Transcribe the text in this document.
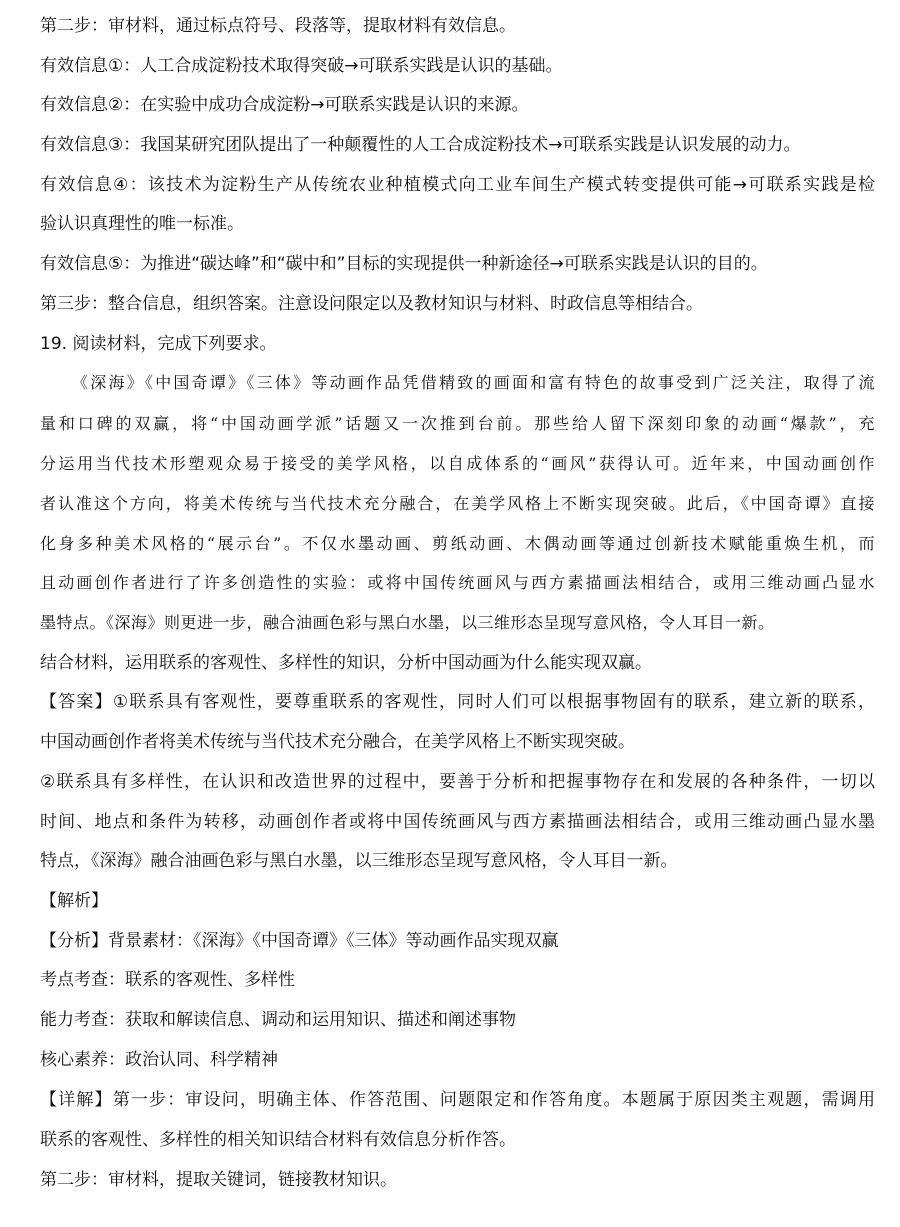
第二步：审材料，通过标点符号、段落等，提取材料有效信息。
有效信息①：人工合成淀粉技术取得突破→可联系实践是认识的基础。
有效信息②：在实验中成功合成淀粉→可联系实践是认识的来源。
有效信息③：我国某研究团队提出了一种颠覆性的人工合成淀粉技术→可联系实践是认识发展的动力。
有效信息④：该技术为淀粉生产从传统农业种植模式向工业车间生产模式转变提供可能→可联系实践是检
验认识真理性的唯一标准。
有效信息⑤：为推进“碳达峰”和“碳中和”目标的实现提供一种新途径→可联系实践是认识的目的。
第三步：整合信息，组织答案。注意设问限定以及教材知识与材料、时政信息等相结合。
19. 阅读材料，完成下列要求。
《深海》《中国奇谭》《三体》等动画作品凭借精致的画面和富有特色的故事受到广泛关注，取得了流
量和口碑的双赢，将“中国动画学派”话题又一次推到台前。那些给人留下深刻印象的动画“爆款”，充
分运用当代技术形塑观众易于接受的美学风格，以自成体系的“画风”获得认可。近年来，中国动画创作
者认准这个方向，将美术传统与当代技术充分融合，在美学风格上不断实现突破。此后，《中国奇谭》直接
化身多种美术风格的“展示台”。不仅水墨动画、剪纸动画、木偶动画等通过创新技术赋能重焕生机，而
且动画创作者进行了许多创造性的实验：或将中国传统画风与西方素描画法相结合，或用三维动画凸显水
墨特点。《深海》则更进一步，融合油画色彩与黑白水墨，以三维形态呈现写意风格，令人耳目一新。
结合材料，运用联系的客观性、多样性的知识，分析中国动画为什么能实现双赢。
【答案】①联系具有客观性，要尊重联系的客观性，同时人们可以根据事物固有的联系，建立新的联系，
中国动画创作者将美术传统与当代技术充分融合，在美学风格上不断实现突破。
②联系具有多样性，在认识和改造世界的过程中，要善于分析和把握事物存在和发展的各种条件，一切以
时间、地点和条件为转移，动画创作者或将中国传统画风与西方素描画法相结合，或用三维动画凸显水墨
特点，《深海》融合油画色彩与黑白水墨，以三维形态呈现写意风格，令人耳目一新。
【解析】
【分析】背景素材：《深海》《中国奇谭》《三体》等动画作品实现双赢
考点考查：联系的客观性、多样性
能力考查：获取和解读信息、调动和运用知识、描述和阐述事物
核心素养：政治认同、科学精神
【详解】第一步：审设问，明确主体、作答范围、问题限定和作答角度。本题属于原因类主观题，需调用
联系的客观性、多样性的相关知识结合材料有效信息分析作答。
第二步：审材料，提取关键词，链接教材知识。
